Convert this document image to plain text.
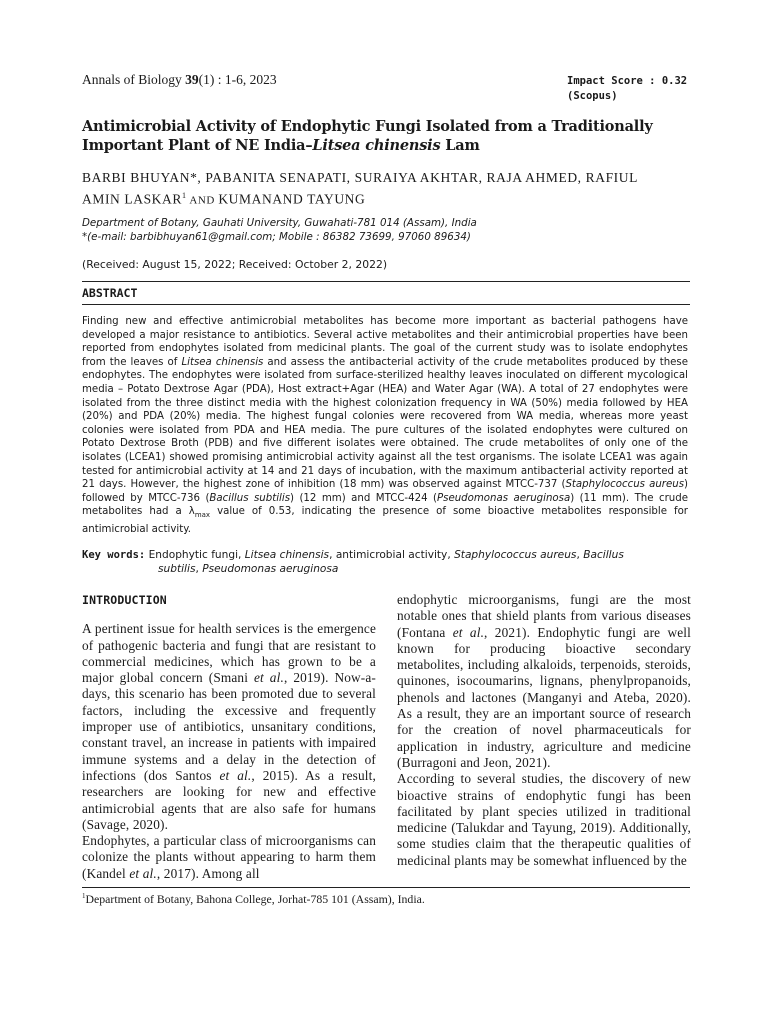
Annals of Biology 39(1) : 1-6, 2023	Impact Score : 0.32
(Scopus)
Antimicrobial Activity of Endophytic Fungi Isolated from a Traditionally Important Plant of NE India–Litsea chinensis Lam
BARBI BHUYAN*, PABANITA SENAPATI, SURAIYA AKHTAR, RAJA AHMED, RAFIUL
AMIN LASKAR$^1$ AND KUMANAND TAYUNG
Department of Botany, Gauhati University, Guwahati-781 014 (Assam), India
*(e-mail: barbibhuyan61@gmail.com; Mobile : 86382 73699, 97060 89634)
(Received: August 15, 2022; Received: October 2, 2022)
ABSTRACT
Finding new and effective antimicrobial metabolites has become more important as bacterial pathogens have developed a major resistance to antibiotics. Several active metabolites and their antimicrobial properties have been reported from endophytes isolated from medicinal plants. The goal of the current study was to isolate endophytes from the leaves of Litsea chinensis and assess the antibacterial activity of the crude metabolites produced by these endophytes. The endophytes were isolated from surface-sterilized healthy leaves inoculated on different mycological media – Potato Dextrose Agar (PDA), Host extract+Agar (HEA) and Water Agar (WA). A total of 27 endophytes were isolated from the three distinct media with the highest colonization frequency in WA (50%) media followed by HEA (20%) and PDA (20%) media. The highest fungal colonies were recovered from WA media, whereas more yeast colonies were isolated from PDA and HEA media. The pure cultures of the isolated endophytes were cultured on Potato Dextrose Broth (PDB) and five different isolates were obtained. The crude metabolites of only one of the isolates (LCEA1) showed promising antimicrobial activity against all the test organisms. The isolate LCEA1 was again tested for antimicrobial activity at 14 and 21 days of incubation, with the maximum antibacterial activity reported at 21 days. However, the highest zone of inhibition (18 mm) was observed against MTCC-737 (Staphylococcus aureus) followed by MTCC-736 (Bacillus subtilis) (12 mm) and MTCC-424 (Pseudomonas aeruginosa) (11 mm). The crude metabolites had a $\lambda_{max}$ value of 0.53, indicating the presence of some bioactive metabolites responsible for antimicrobial activity.
Key words: Endophytic fungi, Litsea chinensis, antimicrobial activity, Staphylococcus aureus, Bacillus
subtilis, Pseudomonas aeruginosa
INTRODUCTION

A pertinent issue for health services is the emergence of pathogenic bacteria and fungi that are resistant to commercial medicines, which has grown to be a major global concern (Smani et al., 2019). Now-a-days, this scenario has been promoted due to several factors, including the excessive and frequently improper use of antibiotics, unsanitary conditions, constant travel, an increase in patients with impaired immune systems and a delay in the detection of infections (dos Santos et al., 2015). As a result, researchers are looking for new and effective antimicrobial agents that are also safe for humans (Savage, 2020).

Endophytes, a particular class of microorganisms can colonize the plants without appearing to harm them (Kandel et al., 2017). Among all

endophytic microorganisms, fungi are the most notable ones that shield plants from various diseases (Fontana et al., 2021). Endophytic fungi are well known for producing bioactive secondary metabolites, including alkaloids, terpenoids, steroids, quinones, isocoumarins, lignans, phenylpropanoids, phenols and lactones (Manganyi and Ateba, 2020). As a result, they are an important source of research for the creation of novel pharmaceuticals for application in industry, agriculture and medicine (Burragoni and Jeon, 2021).

According to several studies, the discovery of new bioactive strains of endophytic fungi has been facilitated by plant species utilized in traditional medicine (Talukdar and Tayung, 2019). Additionally, some studies claim that the therapeutic qualities of medicinal plants may be somewhat influenced by the

$^1$Department of Botany, Bahona College, Jorhat-785 101 (Assam), India.
